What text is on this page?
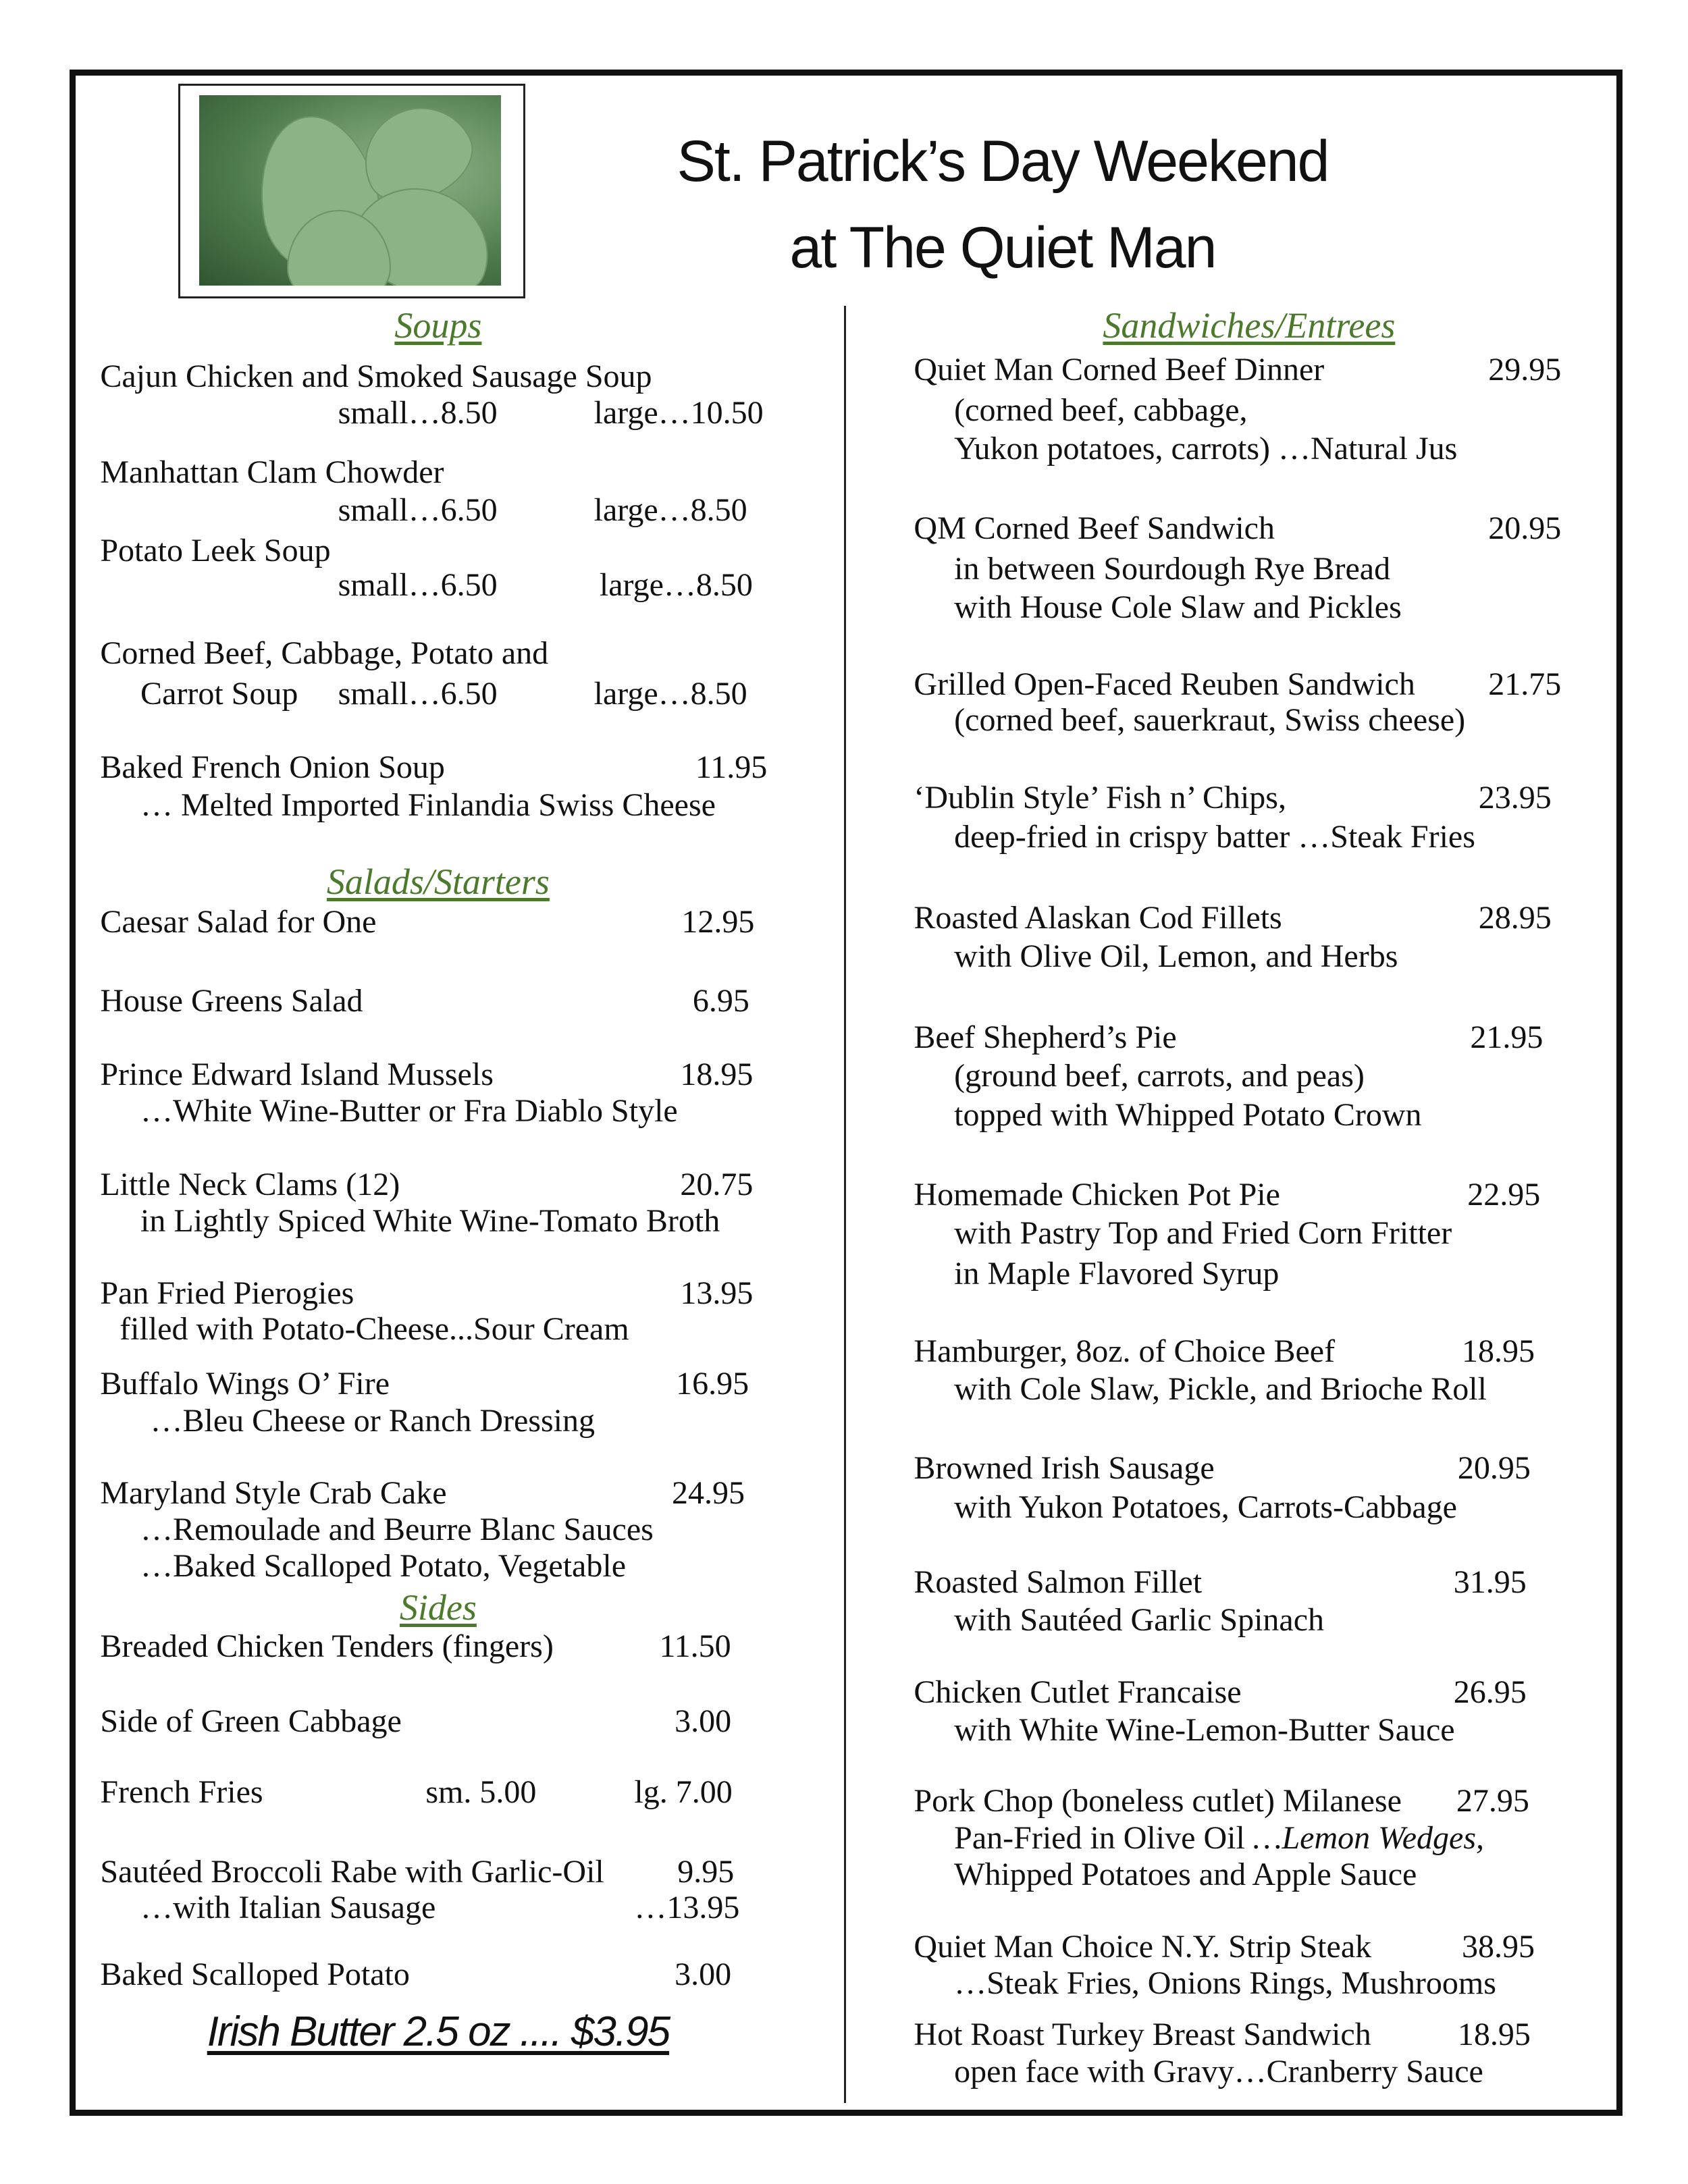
St. Patrick’s Day Weekend
at The Quiet Man
Soups
Cajun Chicken and Smoked Sausage Soup
small…8.50	large…10.50
Manhattan Clam Chowder
small…6.50	large…8.50
Potato Leek Soup
small…6.50	large…8.50
Corned Beef, Cabbage, Potato and
Carrot Soup small…6.50	large…8.50
Baked French Onion Soup	11.95
… Melted Imported Finlandia Swiss Cheese
Salads/Starters
Caesar Salad for One	12.95
House Greens Salad	6.95
Prince Edward Island Mussels	18.95
…White Wine-Butter or Fra Diablo Style
Little Neck Clams (12)	20.75
in Lightly Spiced White Wine-Tomato Broth
Pan Fried Pierogies	13.95
filled with Potato-Cheese...Sour Cream
Buffalo Wings O’ Fire	16.95
…Bleu Cheese or Ranch Dressing
Maryland Style Crab Cake	24.95
…Remoulade and Beurre Blanc Sauces
…Baked Scalloped Potato, Vegetable
Sides
Breaded Chicken Tenders (fingers)	11.50
Side of Green Cabbage	3.00
French Fries	sm. 5.00	lg. 7.00
Sautéed Broccoli Rabe with Garlic-Oil 9.95
…with Italian Sausage	…13.95
Baked Scalloped Potato	3.00
Irish Butter 2.5 oz .... $3.95
Sandwiches/Entrees
Quiet Man Corned Beef Dinner	29.95
(corned beef, cabbage,
Yukon potatoes, carrots) …Natural Jus
QM Corned Beef Sandwich	20.95
in between Sourdough Rye Bread
with House Cole Slaw and Pickles
Grilled Open-Faced Reuben Sandwich 21.75
(corned beef, sauerkraut, Swiss cheese)
‘Dublin Style’ Fish n’ Chips,	23.95
deep-fried in crispy batter …Steak Fries
Roasted Alaskan Cod Fillets	28.95
with Olive Oil, Lemon, and Herbs
Beef Shepherd’s Pie	21.95
(ground beef, carrots, and peas)
topped with Whipped Potato Crown
Homemade Chicken Pot Pie	22.95
with Pastry Top and Fried Corn Fritter
in Maple Flavored Syrup
Hamburger, 8oz. of Choice Beef	18.95
with Cole Slaw, Pickle, and Brioche Roll
Browned Irish Sausage	20.95
with Yukon Potatoes, Carrots-Cabbage
Roasted Salmon Fillet	31.95
with Sautéed Garlic Spinach
Chicken Cutlet Francaise	26.95
with White Wine-Lemon-Butter Sauce
Pork Chop (boneless cutlet) Milanese 27.95
Pan-Fried in Olive Oil …Lemon Wedges,
Whipped Potatoes and Apple Sauce
Quiet Man Choice N.Y. Strip Steak	38.95
…Steak Fries, Onions Rings, Mushrooms
Hot Roast Turkey Breast Sandwich	18.95
open face with Gravy…Cranberry Sauce
